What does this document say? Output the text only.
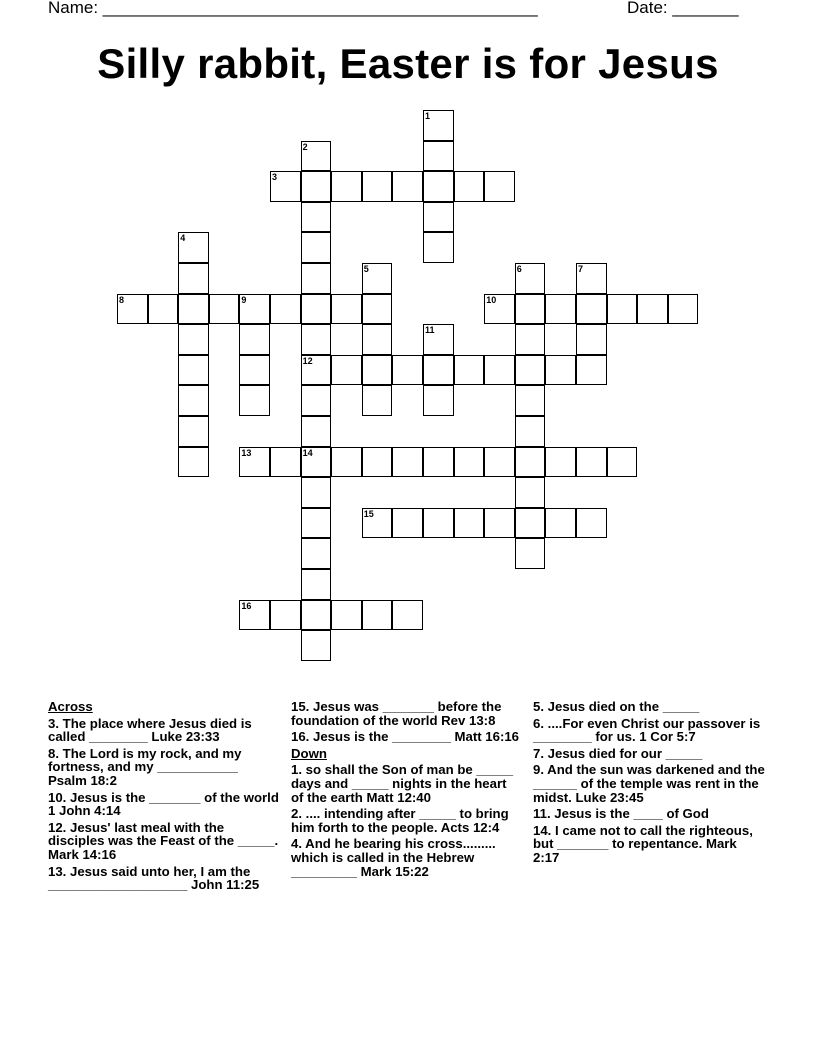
Name: ______________________________________________	Date: _______
Silly rabbit, Easter is for Jesus
1
2
12
14
3
4
5	6	7
8	9	10
11
13
15
16
Across
3. The place where Jesus died is called ________ Luke 23:33
8. The Lord is my rock, and my fortness, and my ___________ Psalm 18:2
10. Jesus is the _______ of the world 1 John 4:14
12. Jesus' last meal with the disciples was the Feast of the _____. Mark 14:16
13. Jesus said unto her, I am the ___________________ John 11:25
15. Jesus was _______ before the foundation of the world Rev 13:8
16. Jesus is the ________ Matt 16:16
Down
1. so shall the Son of man be _____ days and _____ nights in the heart of the earth Matt 12:40
2. .... intending after _____ to bring him forth to the people. Acts 12:4
4. And he bearing his cross......... which is called in the Hebrew _________ Mark 15:22
5. Jesus died on the _____
6. ....For even Christ our passover is ________ for us. 1 Cor 5:7
7. Jesus died for our _____
9. And the sun was darkened and the ______ of the temple was rent in the midst. Luke 23:45
11. Jesus is the ____ of God
14. I came not to call the righteous, but _______ to repentance. Mark 2:17
